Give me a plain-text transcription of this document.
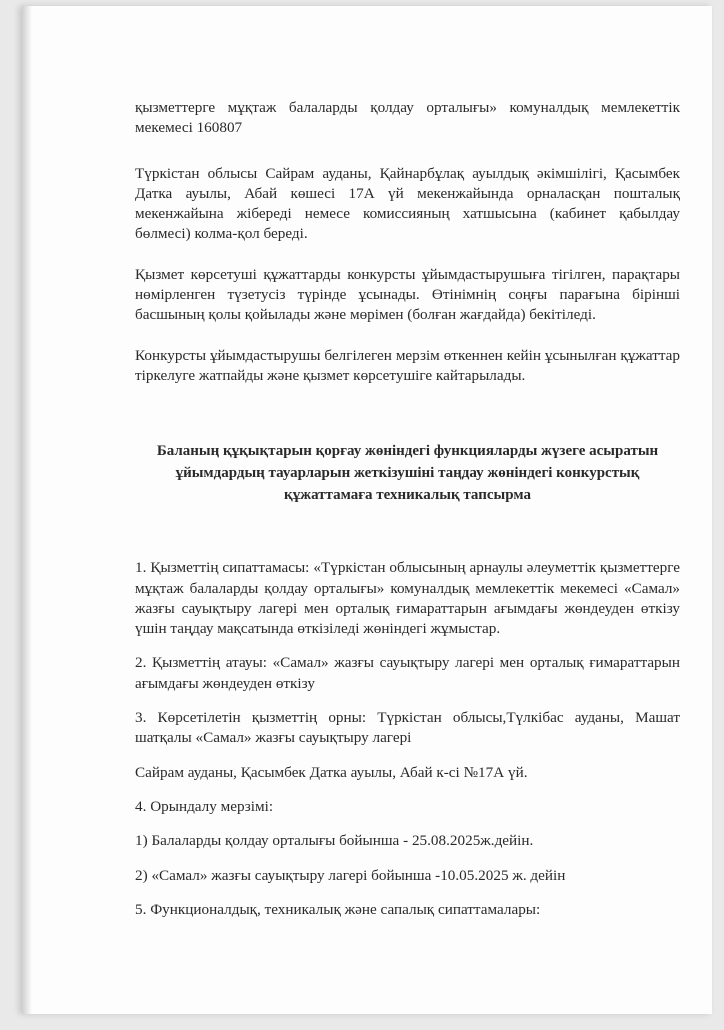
қызметтерге мұқтаж балаларды қолдау орталығы» комуналдық мемлекеттік мекемесі 160807

Түркістан облысы Сайрам ауданы, Қайнарбұлақ ауылдық әкімшілігі, Қасымбек Датка ауылы, Абай көшесі 17А үй мекенжайында орналасқан пошталық мекенжайына жібереді немесе комиссияның хатшысына (кабинет қабылдау бөлмесі) колма-қол береді.

Қызмет көрсетуші құжаттарды конкурсты ұйымдастырушыға тігілген, парақтары нөмірленген түзетусіз түрінде ұсынады. Өтінімнің соңғы парағына бірінші басшының қолы қойылады және мөрімен (болған жағдайда) бекітіледі.

Конкурсты ұйымдастырушы белгілеген мерзім өткеннен кейін ұсынылған құжаттар тіркелуге жатпайды және қызмет көрсетушіге кайтарылады.

Баланың құқықтарын қорғау жөніндегі функцияларды жүзеге асыратын ұйымдардың тауарларын жеткізушіні таңдау жөніндегі конкурстық құжаттамаға техникалық тапсырма

1. Қызметтің сипаттамасы: «Түркістан облысының арнаулы әлеуметтік қызметтерге мұқтаж балаларды қолдау орталығы» комуналдық мемлекеттік мекемесі «Самал» жазғы сауықтыру лагері мен орталық ғимараттарын ағымдағы жөндеуден өткізу үшін таңдау мақсатында өткізіледі жөніндегі жұмыстар.

2. Қызметтің атауы: «Самал» жазғы сауықтыру лагері мен орталық ғимараттарын ағымдағы жөндеуден өткізу

3. Көрсетілетін қызметтің орны: Түркістан облысы,Түлкібас ауданы, Машат шатқалы «Самал» жазғы сауықтыру лагері

Сайрам ауданы, Қасымбек Датка ауылы, Абай к-сі №17А үй.

4. Орындалу мерзімі:

1) Балаларды қолдау орталығы бойынша - 25.08.2025ж.дейін.

2) «Самал» жазғы сауықтыру лагері бойынша -10.05.2025 ж. дейін

5. Функционалдық, техникалық және сапалық сипаттамалары:
